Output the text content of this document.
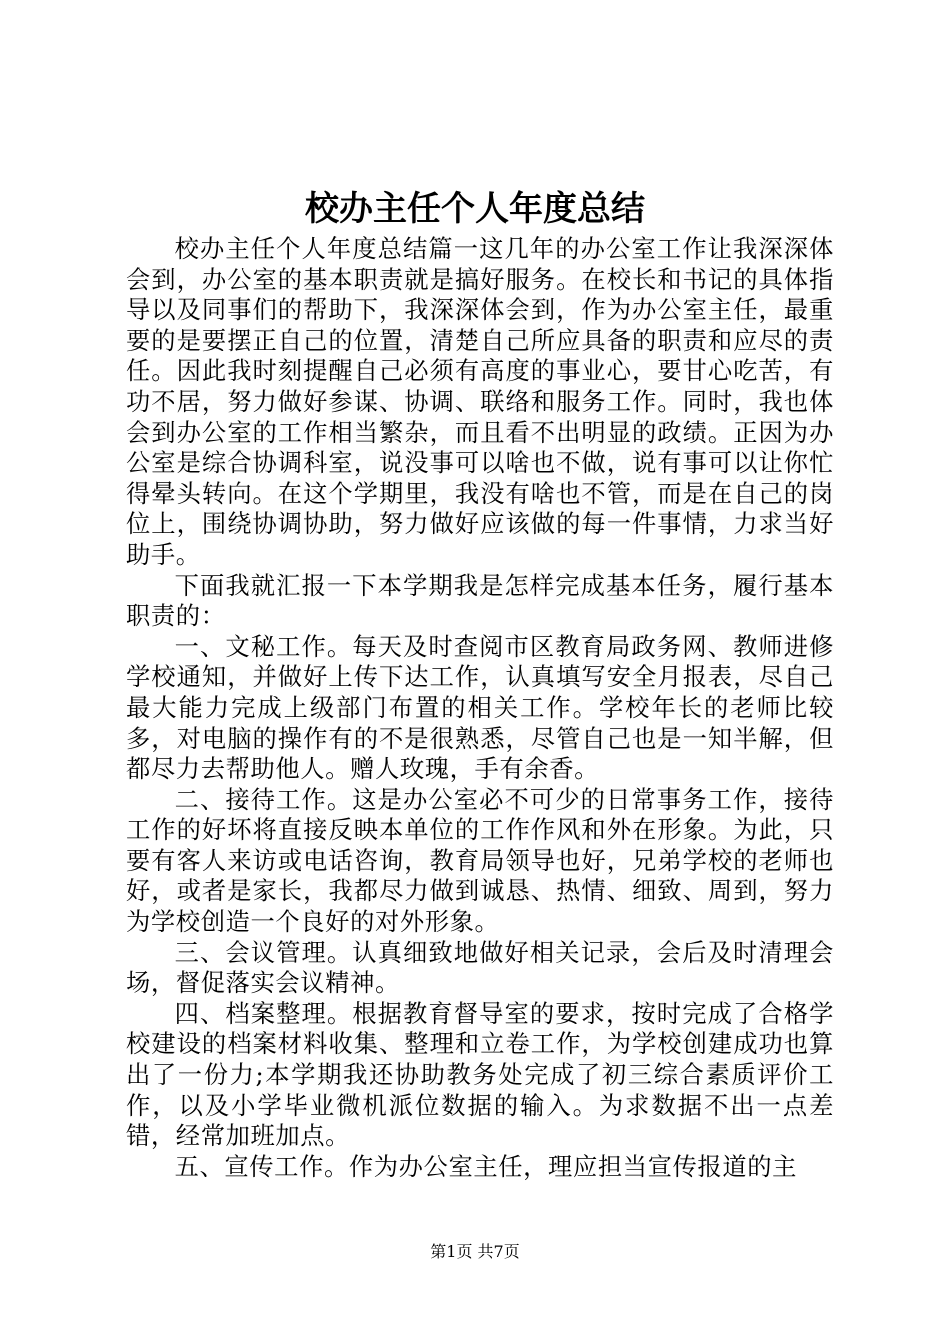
校办主任个人年度总结

校办主任个人年度总结篇一这几年的办公室工作让我深深体会到，办公室的基本职责就是搞好服务。在校长和书记的具体指导以及同事们的帮助下，我深深体会到，作为办公室主任，最重要的是要摆正自己的位置，清楚自己所应具备的职责和应尽的责任。因此我时刻提醒自己必须有高度的事业心，要甘心吃苦，有功不居，努力做好参谋、协调、联络和服务工作。同时，我也体会到办公室的工作相当繁杂，而且看不出明显的政绩。正因为办公室是综合协调科室，说没事可以啥也不做，说有事可以让你忙得晕头转向。在这个学期里，我没有啥也不管，而是在自己的岗位上，围绕协调协助，努力做好应该做的每一件事情，力求当好助手。

下面我就汇报一下本学期我是怎样完成基本任务，履行基本职责的：

一、文秘工作。每天及时查阅市区教育局政务网、教师进修学校通知，并做好上传下达工作，认真填写安全月报表，尽自己最大能力完成上级部门布置的相关工作。学校年长的老师比较多，对电脑的操作有的不是很熟悉，尽管自己也是一知半解，但都尽力去帮助他人。赠人玫瑰，手有余香。

二、接待工作。这是办公室必不可少的日常事务工作，接待工作的好坏将直接反映本单位的工作作风和外在形象。为此，只要有客人来访或电话咨询，教育局领导也好，兄弟学校的老师也好，或者是家长，我都尽力做到诚恳、热情、细致、周到，努力为学校创造一个良好的对外形象。

三、会议管理。认真细致地做好相关记录，会后及时清理会场，督促落实会议精神。

四、档案整理。根据教育督导室的要求，按时完成了合格学校建设的档案材料收集、整理和立卷工作，为学校创建成功也算出了一份力;本学期我还协助教务处完成了初三综合素质评价工作，以及小学毕业微机派位数据的输入。为求数据不出一点差错，经常加班加点。

五、宣传工作。作为办公室主任，理应担当宣传报道的主

第1页 共7页
